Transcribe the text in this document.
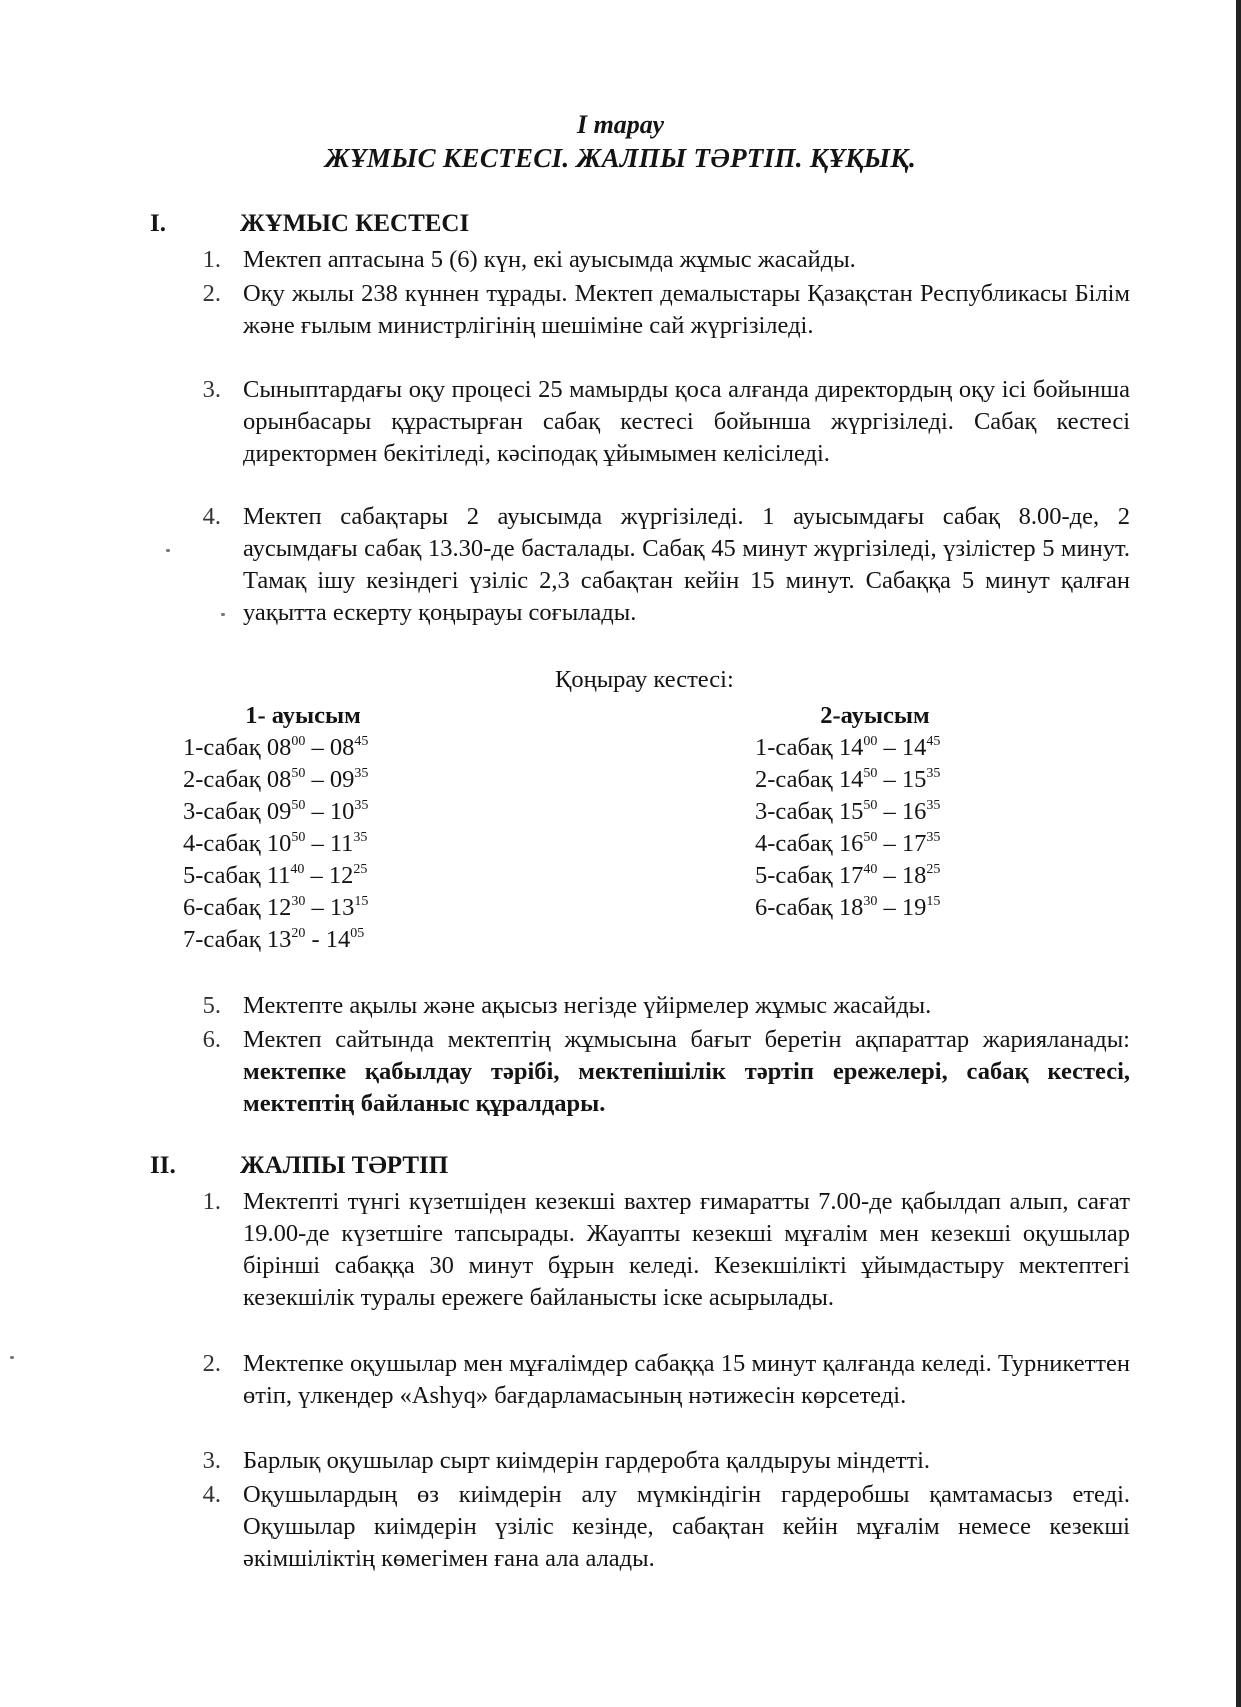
I тарау
ЖҰМЫС КЕСТЕСІ. ЖАЛПЫ ТӘРТІП. ҚҰҚЫҚ.
I.	ЖҰМЫС КЕСТЕСІ
1. Мектеп аптасына 5 (6) күн, екі ауысымда жұмыс жасайды.
2. Оқу жылы 238 күннен тұрады. Мектеп демалыстары Қазақстан Республикасы Білім және ғылым министрлігінің шешіміне сай жүргізіледі.
3. Сыныптардағы оқу процесі 25 мамырды қоса алғанда директордың оқу ісі бойынша орынбасары құрастырған сабақ кестесі бойынша жүргізіледі. Сабақ кестесі директормен бекітіледі, кәсіподақ ұйымымен келісіледі.
4. Мектеп сабақтары 2 ауысымда жүргізіледі. 1 ауысымдағы сабақ 8.00-де, 2 аусымдағы сабақ 13.30-де басталады. Сабақ 45 минут жүргізіледі, үзілістер 5 минут. Тамақ ішу кезіндегі үзіліс 2,3 сабақтан кейін 15 минут. Сабаққа 5 минут қалған уақытта ескерту қоңырауы соғылады.
Қоңырау кестесі:
1- ауысым
1-сабақ $08^{00} - 08^{45}$
2-сабақ $08^{50} - 09^{35}$
3-сабақ $09^{50} - 10^{35}$
4-сабақ $10^{50} - 11^{35}$
5-сабақ $11^{40} - 12^{25}$
6-сабақ $12^{30} - 13^{15}$
7-сабақ $13^{20} - 14^{05}$
2-ауысым
1-сабақ $14^{00} - 14^{45}$
2-сабақ $14^{50} - 15^{35}$
3-сабақ $15^{50} - 16^{35}$
4-сабақ $16^{50} - 17^{35}$
5-сабақ $17^{40} - 18^{25}$
6-сабақ $18^{30} - 19^{15}$
5. Мектепте ақылы және ақысыз негізде үйірмелер жұмыс жасайды.
6. Мектеп сайтында мектептің жұмысына бағыт беретін ақпараттар жарияланады: мектепке қабылдау тәрібі, мектепішілік тәртіп ережелері, сабақ кестесі, мектептің байланыс құралдары.
II.	ЖАЛПЫ ТӘРТІП
1. Мектепті түнгі күзетшіден кезекші вахтер ғимаратты 7.00-де қабылдап алып, сағат 19.00-де күзетшіге тапсырады. Жауапты кезекші мұғалім мен кезекші оқушылар бірінші сабаққа 30 минут бұрын келеді. Кезекшілікті ұйымдастыру мектептегі кезекшілік туралы ережеге байланысты іске асырылады.
2. Мектепке оқушылар мен мұғалімдер сабаққа 15 минут қалғанда келеді. Турникеттен өтіп, үлкендер «Ashyq» бағдарламасының нәтижесін көрсетеді.
3. Барлық оқушылар сырт киімдерін гардеробта қалдыруы міндетті.
4. Оқушылардың өз киімдерін алу мүмкіндігін гардеробшы қамтамасыз етеді. Оқушылар киімдерін үзіліс кезінде, сабақтан кейін мұғалім немесе кезекші әкімшіліктің көмегімен ғана ала алады.
